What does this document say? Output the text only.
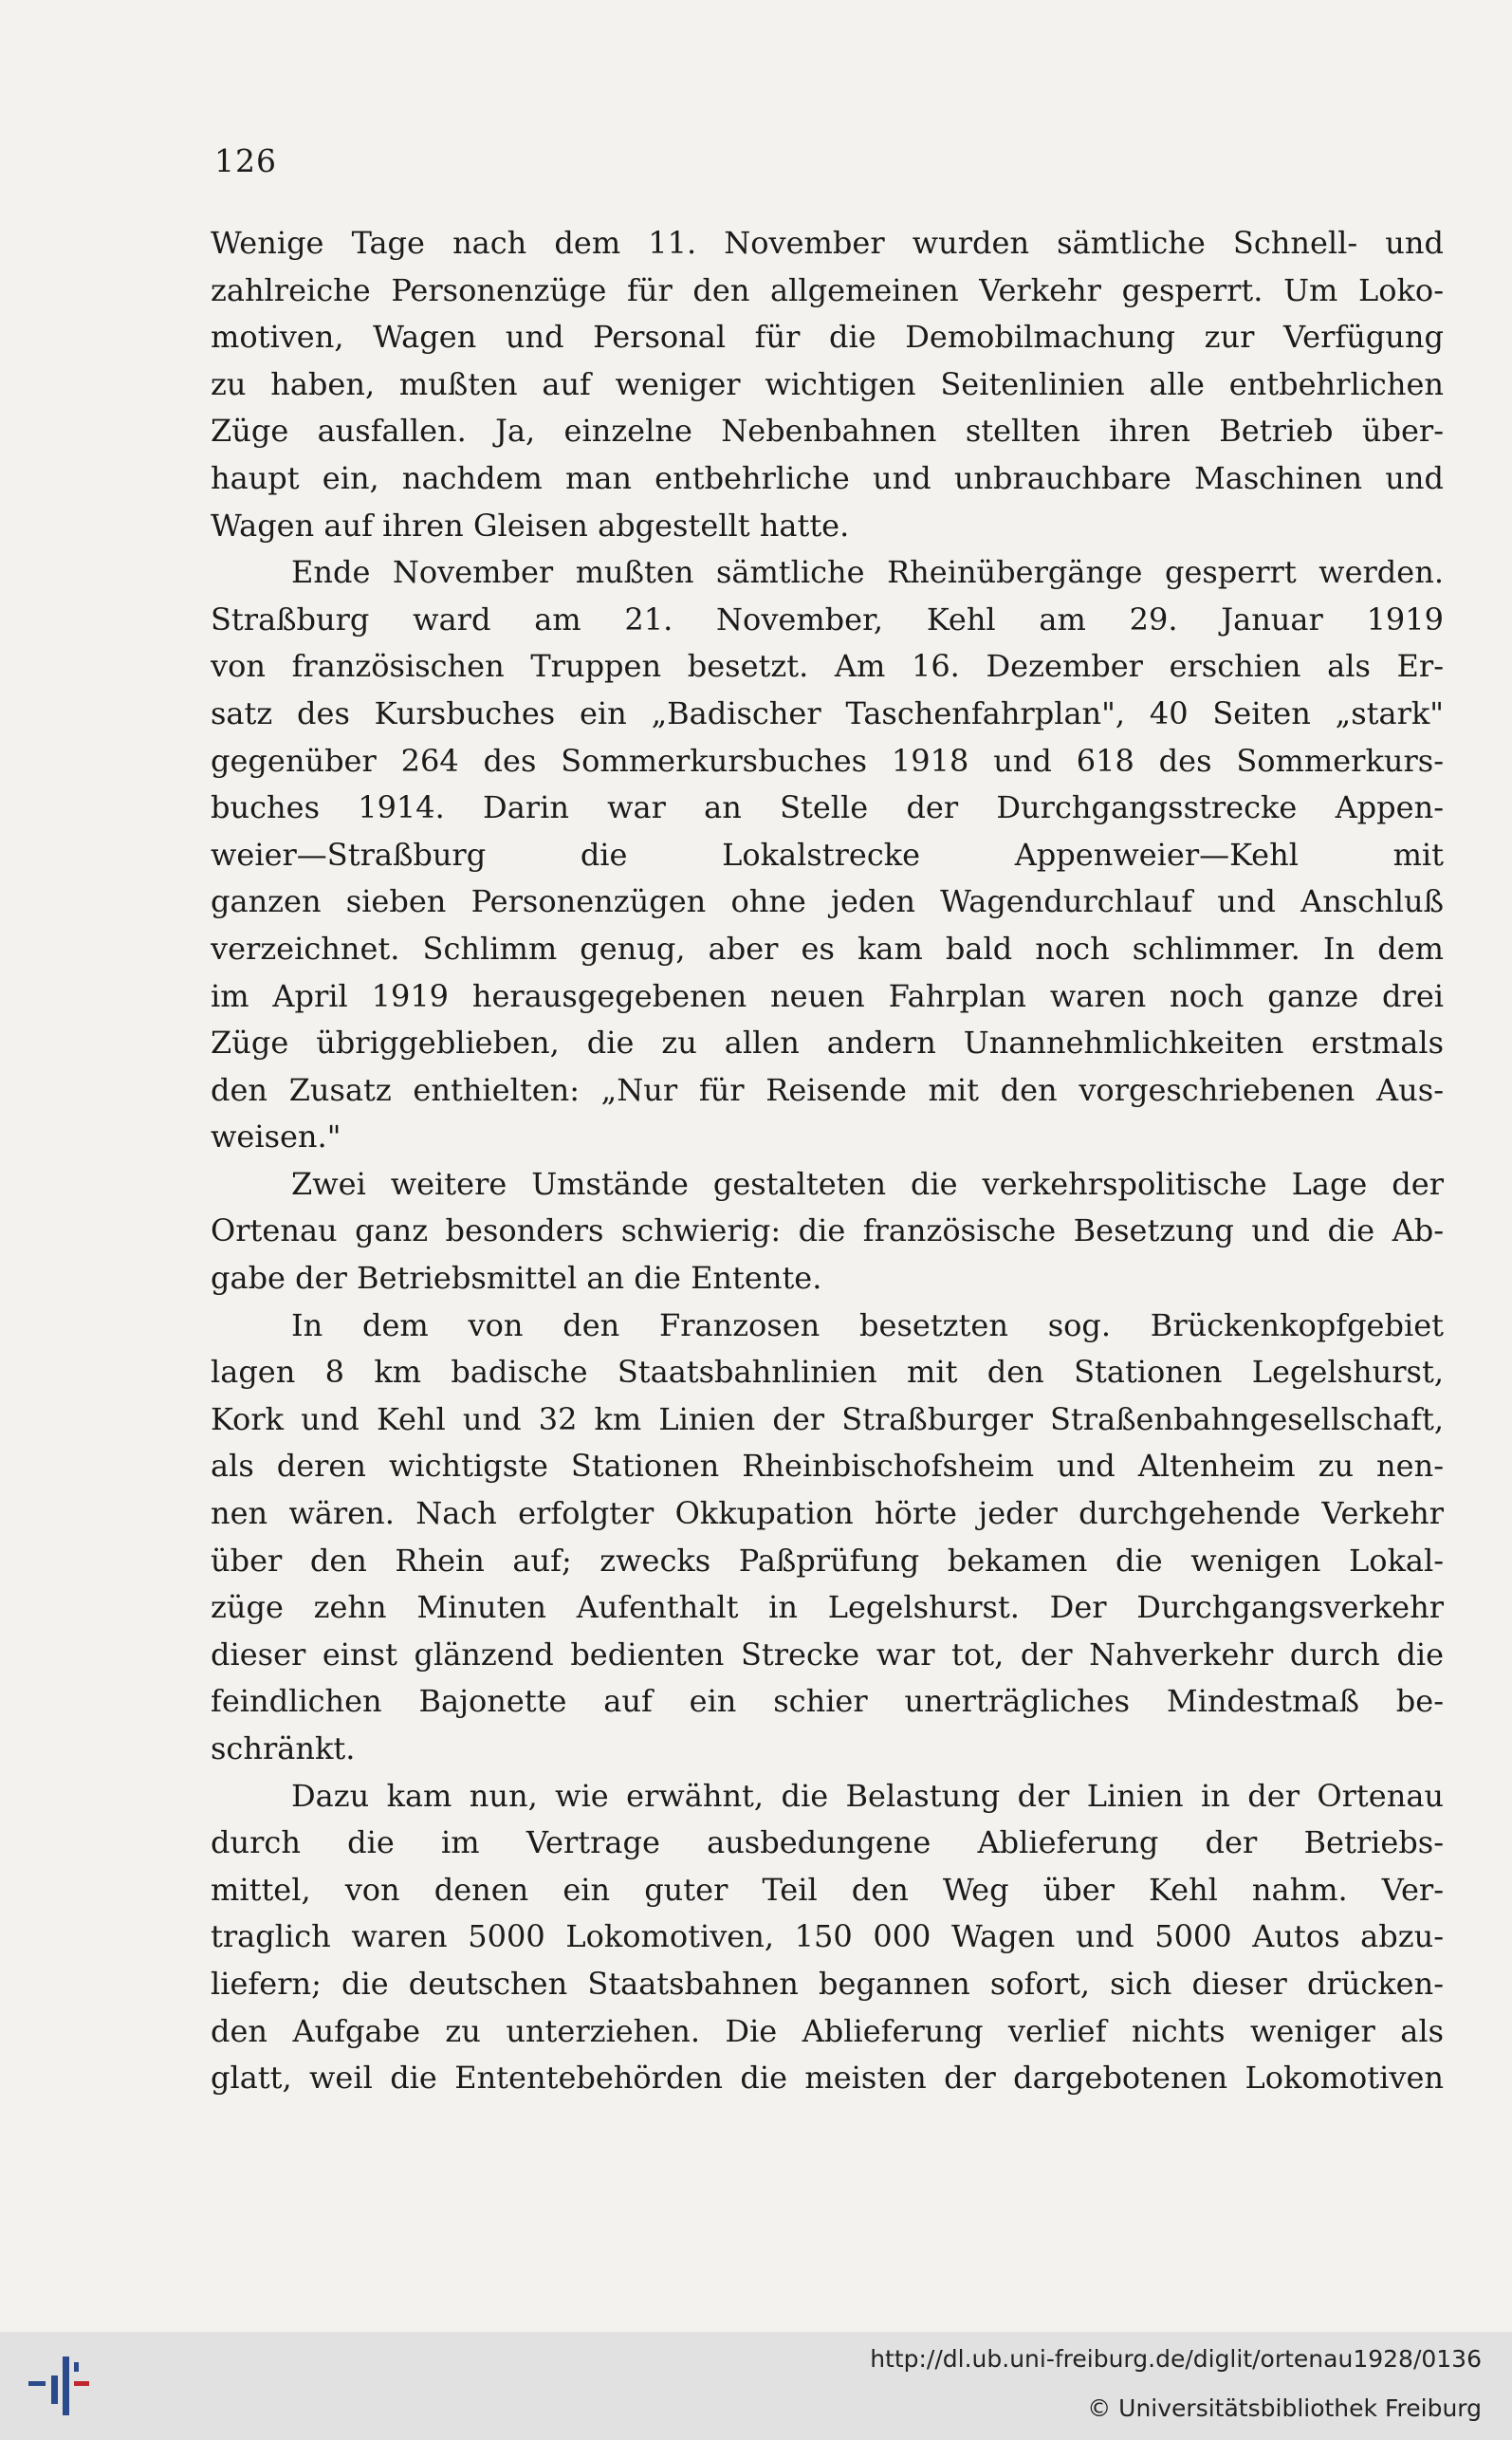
126
Wenige Tage nach dem 11. November wurden sämtliche Schnell- und
zahlreiche Personenzüge für den allgemeinen Verkehr gesperrt. Um Loko-
motiven, Wagen und Personal für die Demobilmachung zur Verfügung
zu haben, mußten auf weniger wichtigen Seitenlinien alle entbehrlichen
Züge ausfallen. Ja, einzelne Nebenbahnen stellten ihren Betrieb über-
haupt ein, nachdem man entbehrliche und unbrauchbare Maschinen und
Wagen auf ihren Gleisen abgestellt hatte.
Ende November mußten sämtliche Rheinübergänge gesperrt werden.
Straßburg ward am 21. November, Kehl am 29. Januar 1919
von französischen Truppen besetzt. Am 16. Dezember erschien als Er-
satz des Kursbuches ein „Badischer Taschenfahrplan", 40 Seiten „stark"
gegenüber 264 des Sommerkursbuches 1918 und 618 des Sommerkurs-
buches 1914. Darin war an Stelle der Durchgangsstrecke Appen-
weier—Straßburg die Lokalstrecke Appenweier—Kehl mit
ganzen sieben Personenzügen ohne jeden Wagendurchlauf und Anschluß
verzeichnet. Schlimm genug, aber es kam bald noch schlimmer. In dem
im April 1919 herausgegebenen neuen Fahrplan waren noch ganze drei
Züge übriggeblieben, die zu allen andern Unannehmlichkeiten erstmals
den Zusatz enthielten: „Nur für Reisende mit den vorgeschriebenen Aus-
weisen."
Zwei weitere Umstände gestalteten die verkehrspolitische Lage der
Ortenau ganz besonders schwierig: die französische Besetzung und die Ab-
gabe der Betriebsmittel an die Entente.
In dem von den Franzosen besetzten sog. Brückenkopfgebiet
lagen 8 km badische Staatsbahnlinien mit den Stationen Legelshurst,
Kork und Kehl und 32 km Linien der Straßburger Straßenbahngesellschaft,
als deren wichtigste Stationen Rheinbischofsheim und Altenheim zu nen-
nen wären. Nach erfolgter Okkupation hörte jeder durchgehende Verkehr
über den Rhein auf; zwecks Paßprüfung bekamen die wenigen Lokal-
züge zehn Minuten Aufenthalt in Legelshurst. Der Durchgangsverkehr
dieser einst glänzend bedienten Strecke war tot, der Nahverkehr durch die
feindlichen Bajonette auf ein schier unerträgliches Mindestmaß be-
schränkt.
Dazu kam nun, wie erwähnt, die Belastung der Linien in der Ortenau
durch die im Vertrage ausbedungene Ablieferung der Betriebs-
mittel, von denen ein guter Teil den Weg über Kehl nahm. Ver-
traglich waren 5000 Lokomotiven, 150 000 Wagen und 5000 Autos abzu-
liefern; die deutschen Staatsbahnen begannen sofort, sich dieser drücken-
den Aufgabe zu unterziehen. Die Ablieferung verlief nichts weniger als
glatt, weil die Ententebehörden die meisten der dargebotenen Lokomotiven
http://dl.ub.uni-freiburg.de/diglit/ortenau1928/0136
© Universitätsbibliothek Freiburg
